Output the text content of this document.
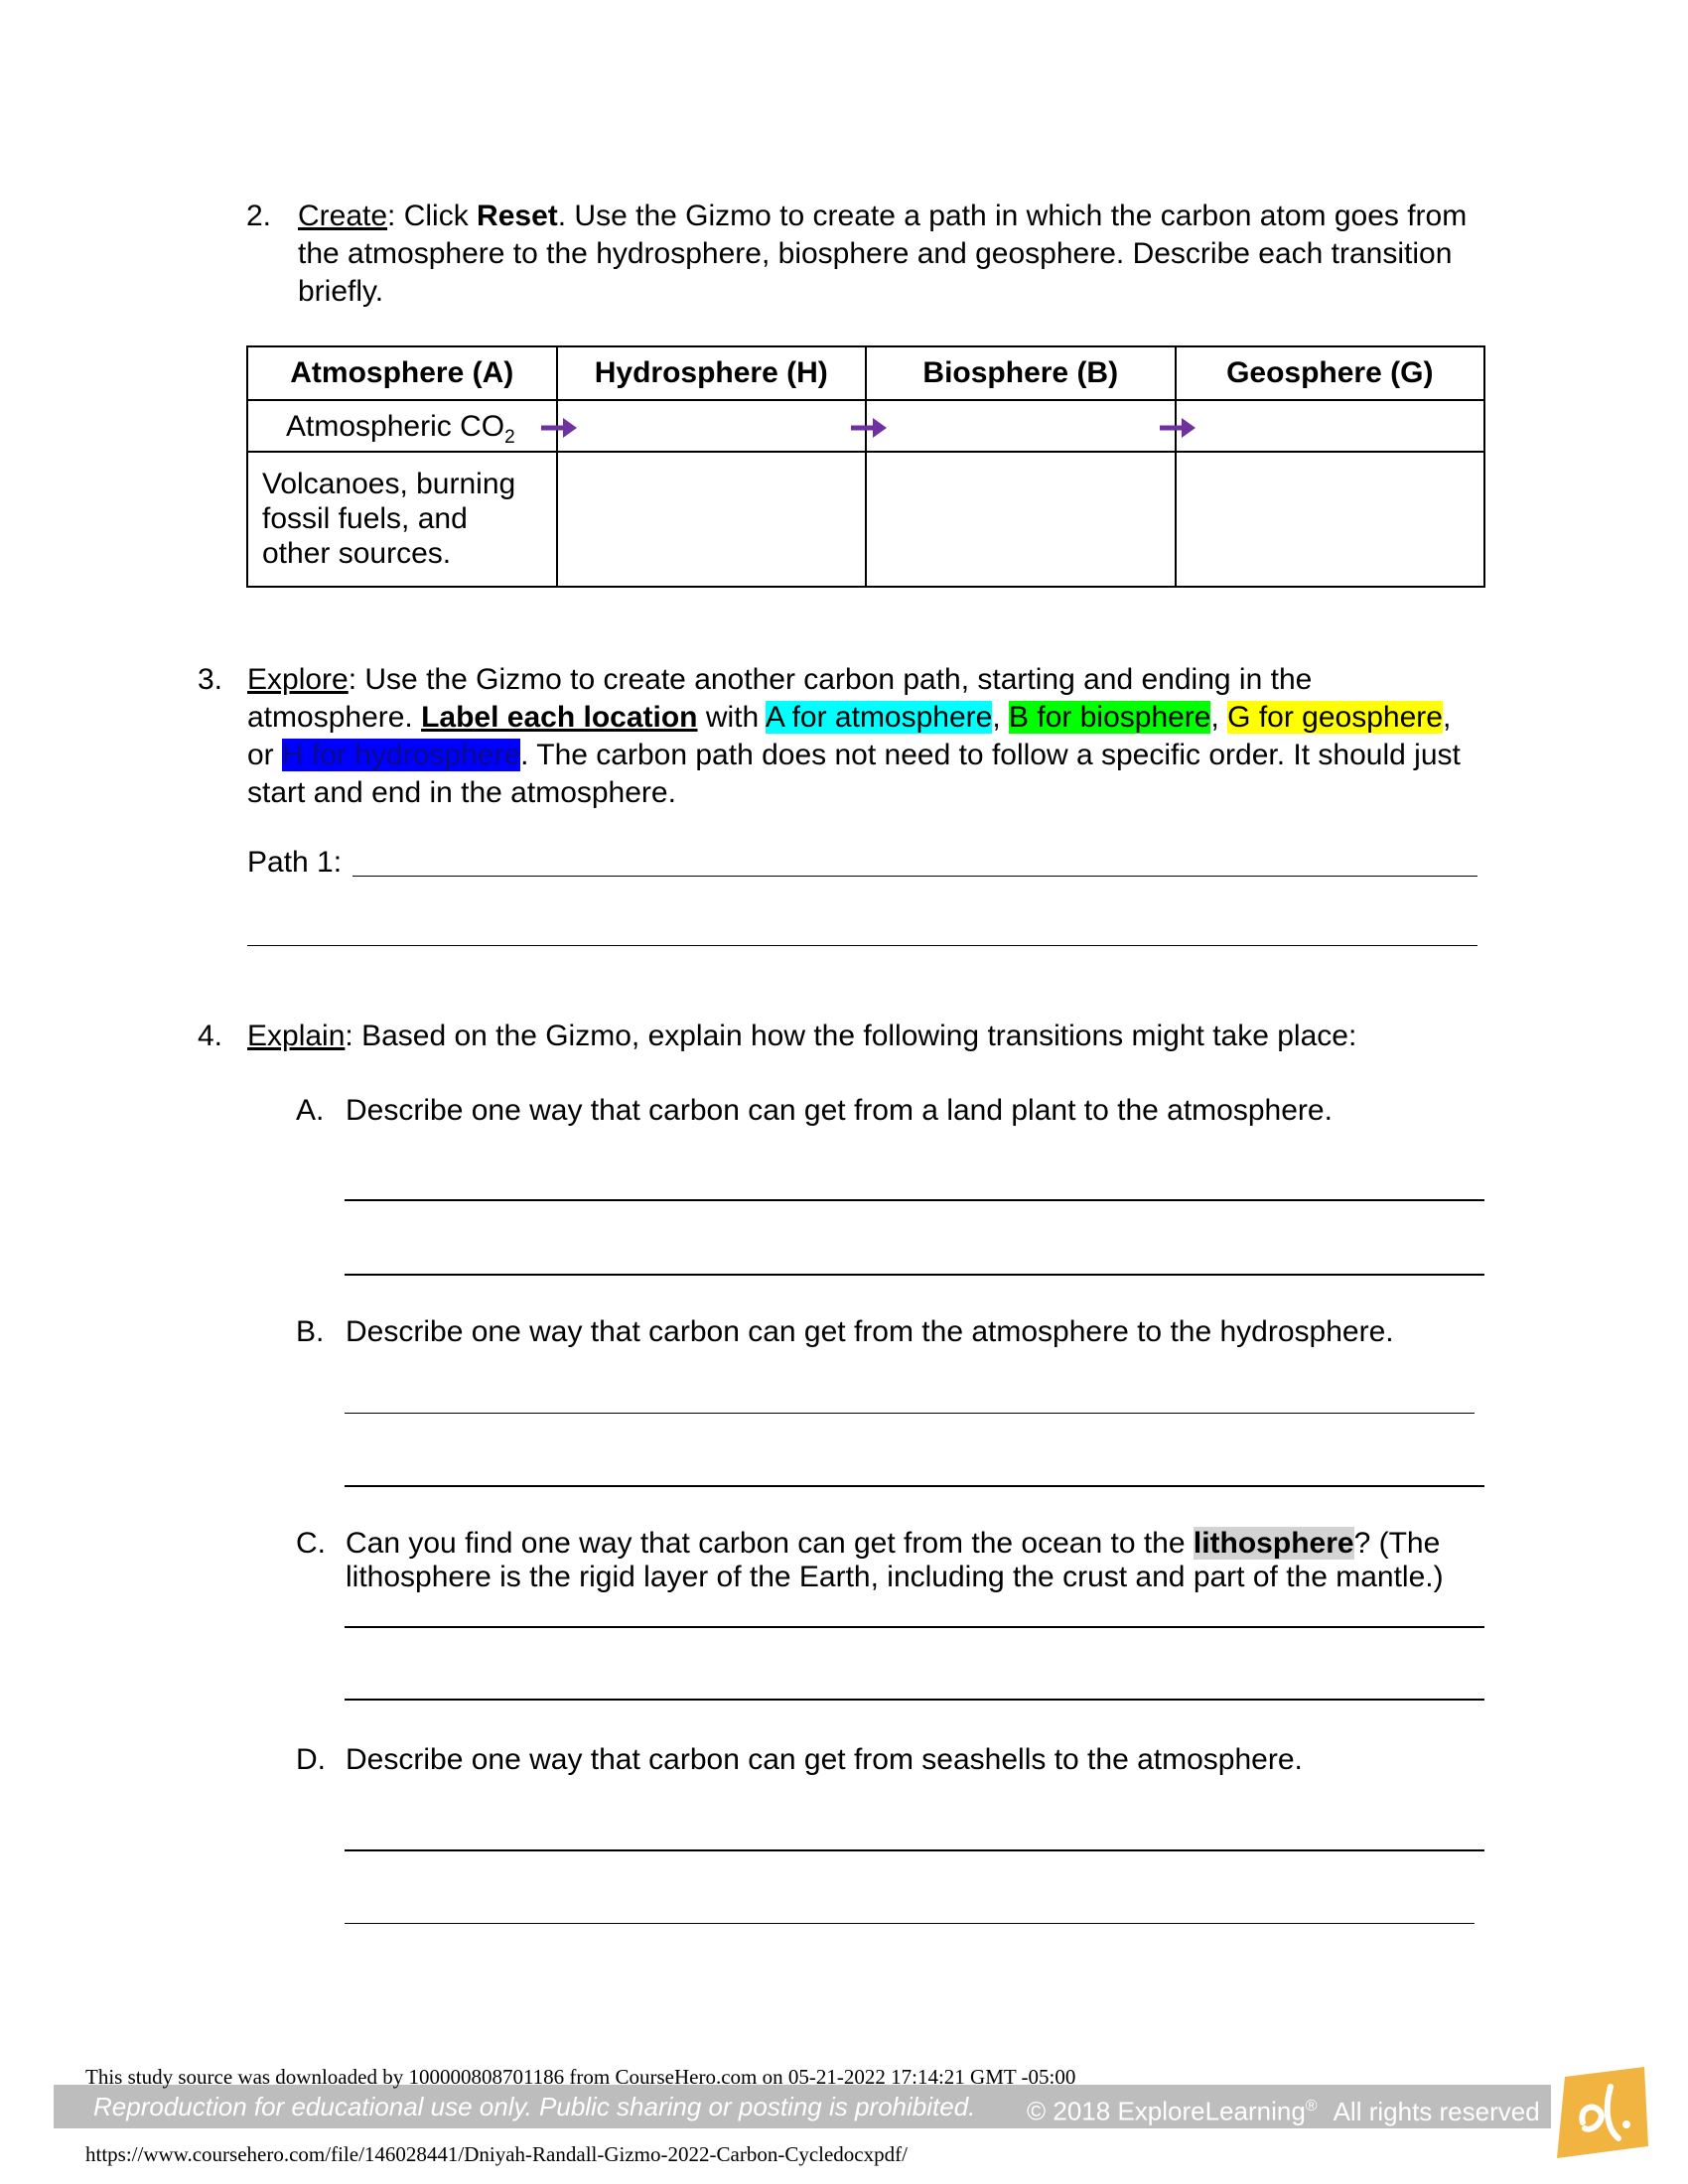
2. Create: Click Reset. Use the Gizmo to create a path in which the carbon atom goes from
the atmosphere to the hydrosphere, biosphere and geosphere. Describe each transition
briefly.
Atmosphere (A)	Hydrosphere (H)	Biosphere (B)	Geosphere (G)

Atmospheric $CO_2$

Volcanoes, burning
fossil fuels, and
other sources.			

3. Explore: Use the Gizmo to create another carbon path, starting and ending in the
atmosphere. Label each location with A for atmosphere, B for biosphere, G for geosphere,
or H for hydrosphere. The carbon path does not need to follow a specific order. It should just
start and end in the atmosphere.
Path 1:
4. Explain: Based on the Gizmo, explain how the following transitions might take place:
A. Describe one way that carbon can get from a land plant to the atmosphere.
B. Describe one way that carbon can get from the atmosphere to the hydrosphere.
C. Can you find one way that carbon can get from the ocean to the lithosphere? (The
lithosphere is the rigid layer of the Earth, including the crust and part of the mantle.)
D. Describe one way that carbon can get from seashells to the atmosphere.
Reproduction for educational use only. Public sharing or posting is prohibited. © 2018 ExploreLearning® All rights reserved
This study source was downloaded by 100000808701186 from CourseHero.com on 05-21-2022 17:14:21 GMT -05:00
https://www.coursehero.com/file/146028441/Dniyah-Randall-Gizmo-2022-Carbon-Cycledocxpdf/
